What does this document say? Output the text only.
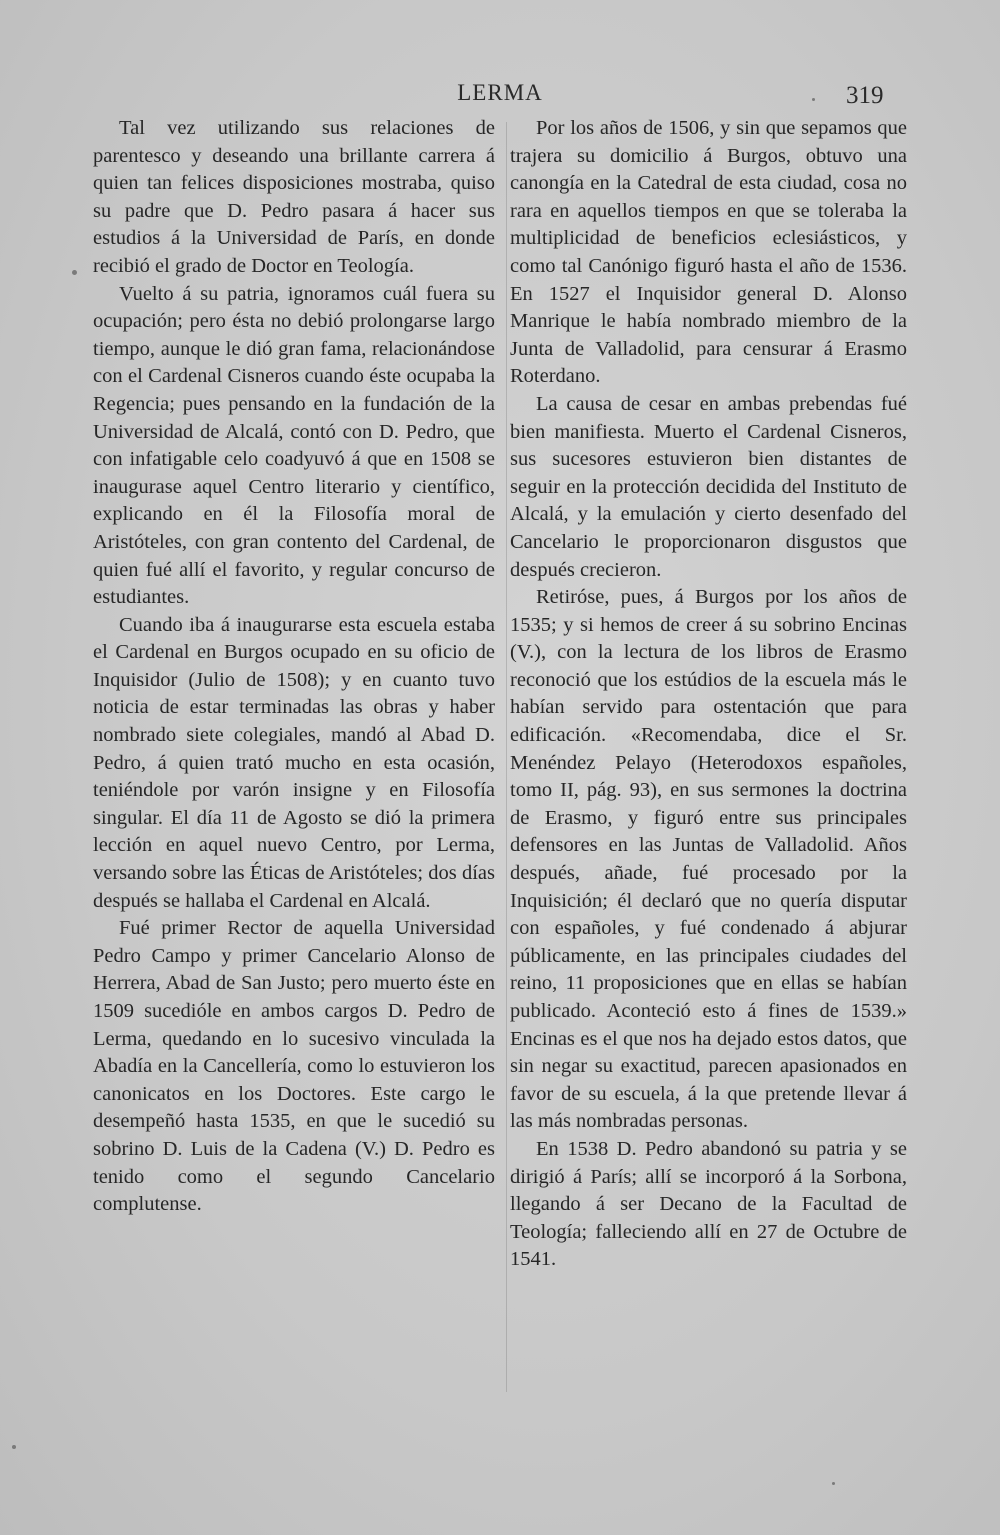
LERMA	319

Tal vez utilizando sus relaciones de parentesco y deseando una brillante carrera á quien tan felices disposiciones mostraba, quiso su padre que D. Pedro pasara á hacer sus estudios á la Universidad de París, en donde recibió el grado de Doctor en Teología.

Vuelto á su patria, ignoramos cuál fuera su ocupación; pero ésta no debió prolongarse largo tiempo, aunque le dió gran fama, relacionándose con el Cardenal Cisneros cuando éste ocupaba la Regencia; pues pensando en la fundación de la Universidad de Alcalá, contó con D. Pedro, que con infatigable celo coadyuvó á que en 1508 se inaugurase aquel Centro literario y científico, explicando en él la Filosofía moral de Aristóteles, con gran contento del Cardenal, de quien fué allí el favorito, y regular concurso de estudiantes.

Cuando iba á inaugurarse esta escuela estaba el Cardenal en Burgos ocupado en su oficio de Inquisidor (Julio de 1508); y en cuanto tuvo noticia de estar terminadas las obras y haber nombrado siete colegiales, mandó al Abad D. Pedro, á quien trató mucho en esta ocasión, teniéndole por varón insigne y en Filosofía singular. El día 11 de Agosto se dió la primera lección en aquel nuevo Centro, por Lerma, versando sobre las Éticas de Aristóteles; dos días después se hallaba el Cardenal en Alcalá.

Fué primer Rector de aquella Universidad Pedro Campo y primer Cancelario Alonso de Herrera, Abad de San Justo; pero muerto éste en 1509 sucedióle en ambos cargos D. Pedro de Lerma, quedando en lo sucesivo vinculada la Abadía en la Cancellería, como lo estuvieron los canonicatos en los Doctores. Este cargo le desempeñó hasta 1535, en que le sucedió su sobrino D. Luis de la Cadena (V.) D. Pedro es tenido como el segundo Cancelario complutense.

Por los años de 1506, y sin que sepamos que trajera su domicilio á Burgos, obtuvo una canongía en la Catedral de esta ciudad, cosa no rara en aquellos tiempos en que se toleraba la multiplicidad de beneficios eclesiásticos, y como tal Canónigo figuró hasta el año de 1536. En 1527 el Inquisidor general D. Alonso Manrique le había nombrado miembro de la Junta de Valladolid, para censurar á Erasmo Roterdano.

La causa de cesar en ambas prebendas fué bien manifiesta. Muerto el Cardenal Cisneros, sus sucesores estuvieron bien distantes de seguir en la protección decidida del Instituto de Alcalá, y la emulación y cierto desenfado del Cancelario le proporcionaron disgustos que después crecieron.

Retiróse, pues, á Burgos por los años de 1535; y si hemos de creer á su sobrino Encinas (V.), con la lectura de los libros de Erasmo reconoció que los estúdios de la escuela más le habían servido para ostentación que para edificación. «Recomendaba, dice el Sr. Menéndez Pelayo (Heterodoxos españoles, tomo II, pág. 93), en sus sermones la doctrina de Erasmo, y figuró entre sus principales defensores en las Juntas de Valladolid. Años después, añade, fué procesado por la Inquisición; él declaró que no quería disputar con españoles, y fué condenado á abjurar públicamente, en las principales ciudades del reino, 11 proposiciones que en ellas se habían publicado. Aconteció esto á fines de 1539.» Encinas es el que nos ha dejado estos datos, que sin negar su exactitud, parecen apasionados en favor de su escuela, á la que pretende llevar á las más nombradas personas.

En 1538 D. Pedro abandonó su patria y se dirigió á París; allí se incorporó á la Sorbona, llegando á ser Decano de la Facultad de Teología; falleciendo allí en 27 de Octubre de 1541.
